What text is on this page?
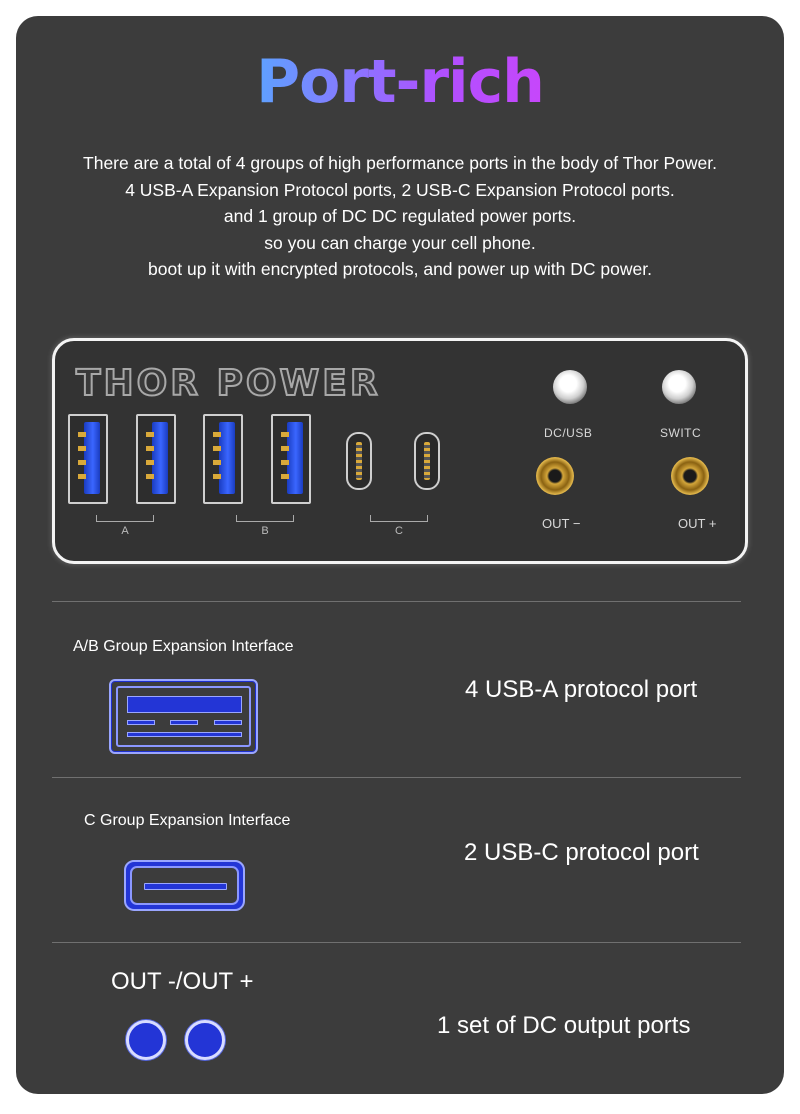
Port-rich
There are a total of 4 groups of high performance ports in the body of Thor Power.
4 USB-A Expansion Protocol ports, 2 USB-C Expansion Protocol ports.
and 1 group of DC DC regulated power ports.
so you can charge your cell phone.
boot up it with encrypted protocols, and power up with DC power.
THOR POWER
A	B	C
DC/USB	SWITC
OUT −	OUT +
A/B Group Expansion Interface
4 USB-A protocol port
C Group Expansion Interface
2 USB-C protocol port
OUT -/OUT +
1 set of DC output ports
